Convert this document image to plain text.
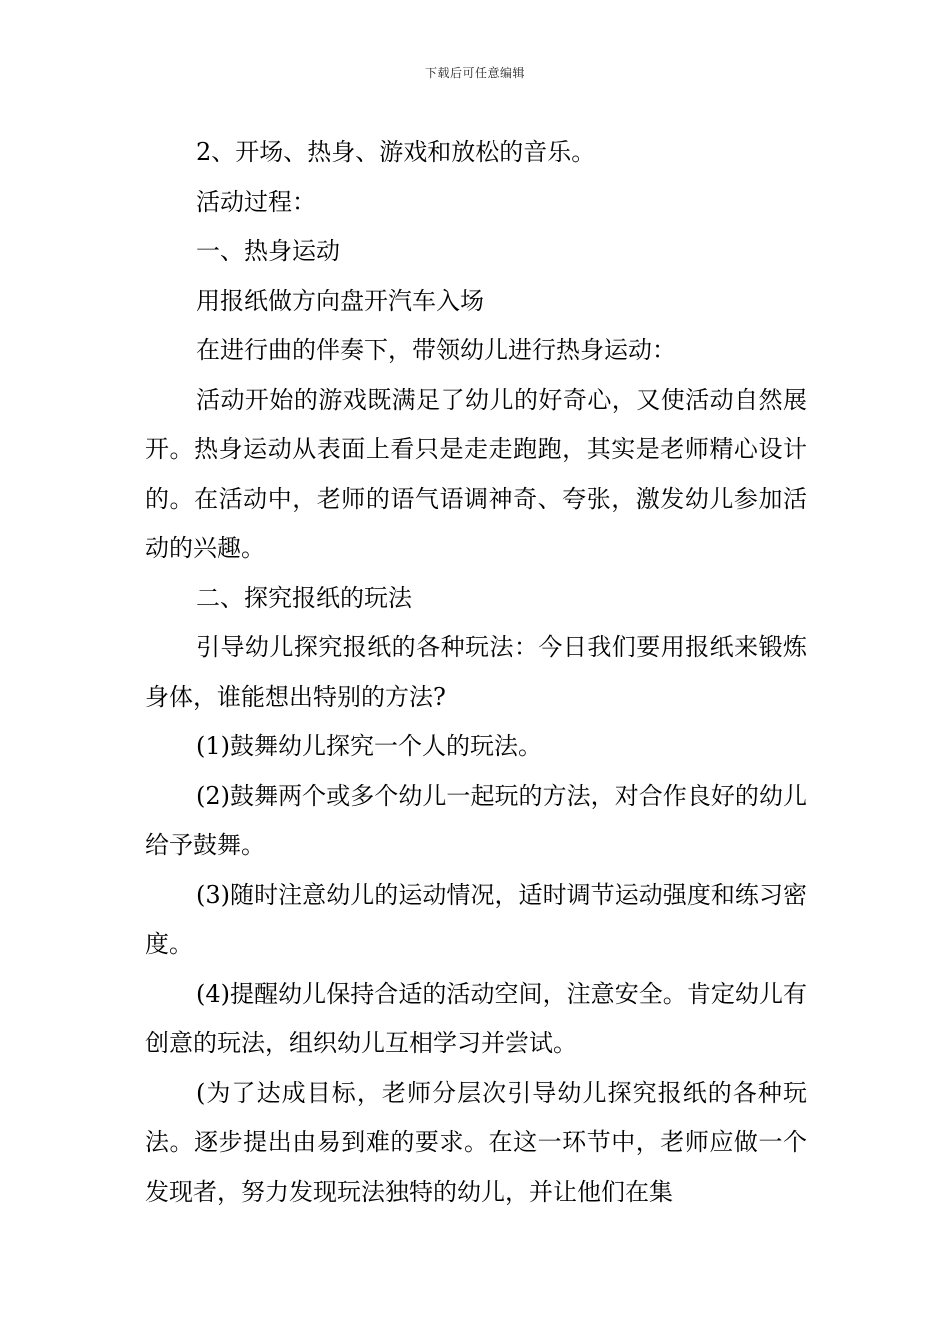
下载后可任意编辑

2、开场、热身、游戏和放松的音乐。

活动过程：

一、热身运动

用报纸做方向盘开汽车入场

在进行曲的伴奏下，带领幼儿进行热身运动：

活动开始的游戏既满足了幼儿的好奇心，又使活动自然展开。热身运动从表面上看只是走走跑跑，其实是老师精心设计的。在活动中，老师的语气语调神奇、夸张，激发幼儿参加活动的兴趣。

二、探究报纸的玩法

引导幼儿探究报纸的各种玩法：今日我们要用报纸来锻炼身体，谁能想出特别的方法?

(1)鼓舞幼儿探究一个人的玩法。

(2)鼓舞两个或多个幼儿一起玩的方法，对合作良好的幼儿给予鼓舞。

(3)随时注意幼儿的运动情况，适时调节运动强度和练习密度。

(4)提醒幼儿保持合适的活动空间，注意安全。肯定幼儿有创意的玩法，组织幼儿互相学习并尝试。

(为了达成目标，老师分层次引导幼儿探究报纸的各种玩法。逐步提出由易到难的要求。在这一环节中，老师应做一个发现者，努力发现玩法独特的幼儿，并让他们在集
